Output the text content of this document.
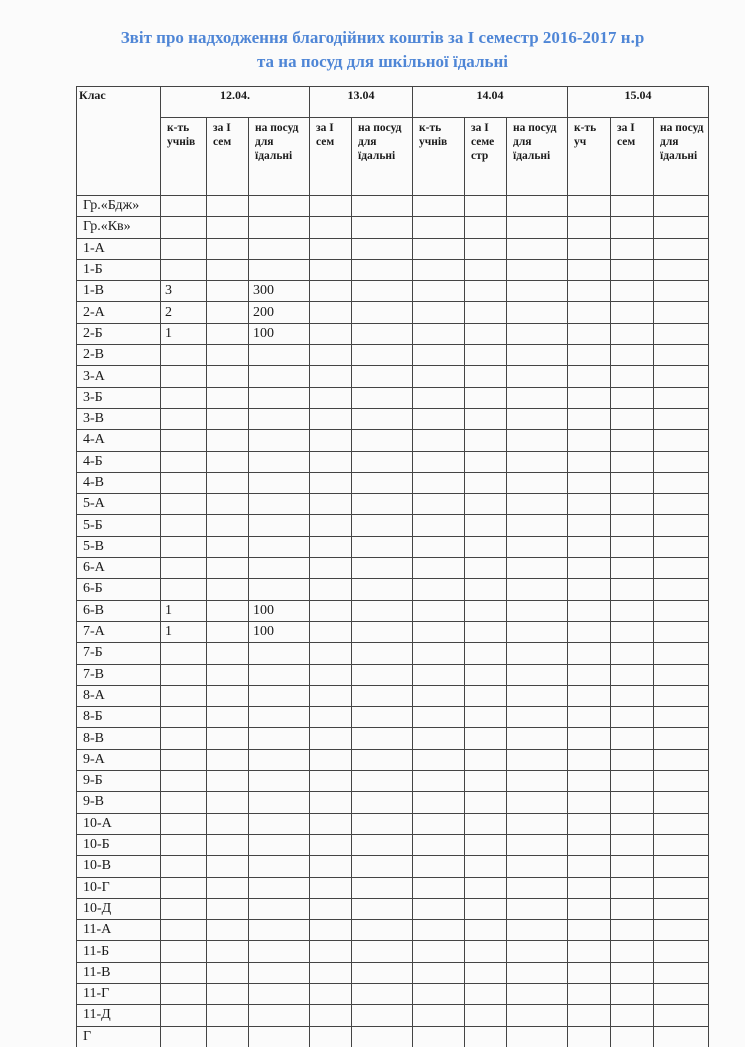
Звіт про надходження благодійних коштів за І семестр 2016-2017 н.р
та на посуд для шкільної їдальні
Клас	12.04.			13.04		14.04			15.04		
	к-ть учнів	за І сем	на посуд для їдальні	за І сем	на посуд для їдальні	к-ть учнів	за І семе стр	на посуд для їдальні	к-ть уч	за І сем	на посуд для їдальні
Гр.«Бдж»											
Гр.«Кв»											
1-А											
1-Б											
1-В	3		300								
2-А	2		200								
2-Б	1		100								
2-В											
3-А											
3-Б											
3-В											
4-А											
4-Б											
4-В											
5-А											
5-Б											
5-В											
6-А											
6-Б											
6-В	1		100								
7-А	1		100								
7-Б											
7-В											
8-А											
8-Б											
8-В											
9-А											
9-Б											
9-В											
10-А											
10-Б											
10-В											
10-Г											
10-Д											
11-А											
11-Б											
11-В											
11-Г											
11-Д											
Г											
